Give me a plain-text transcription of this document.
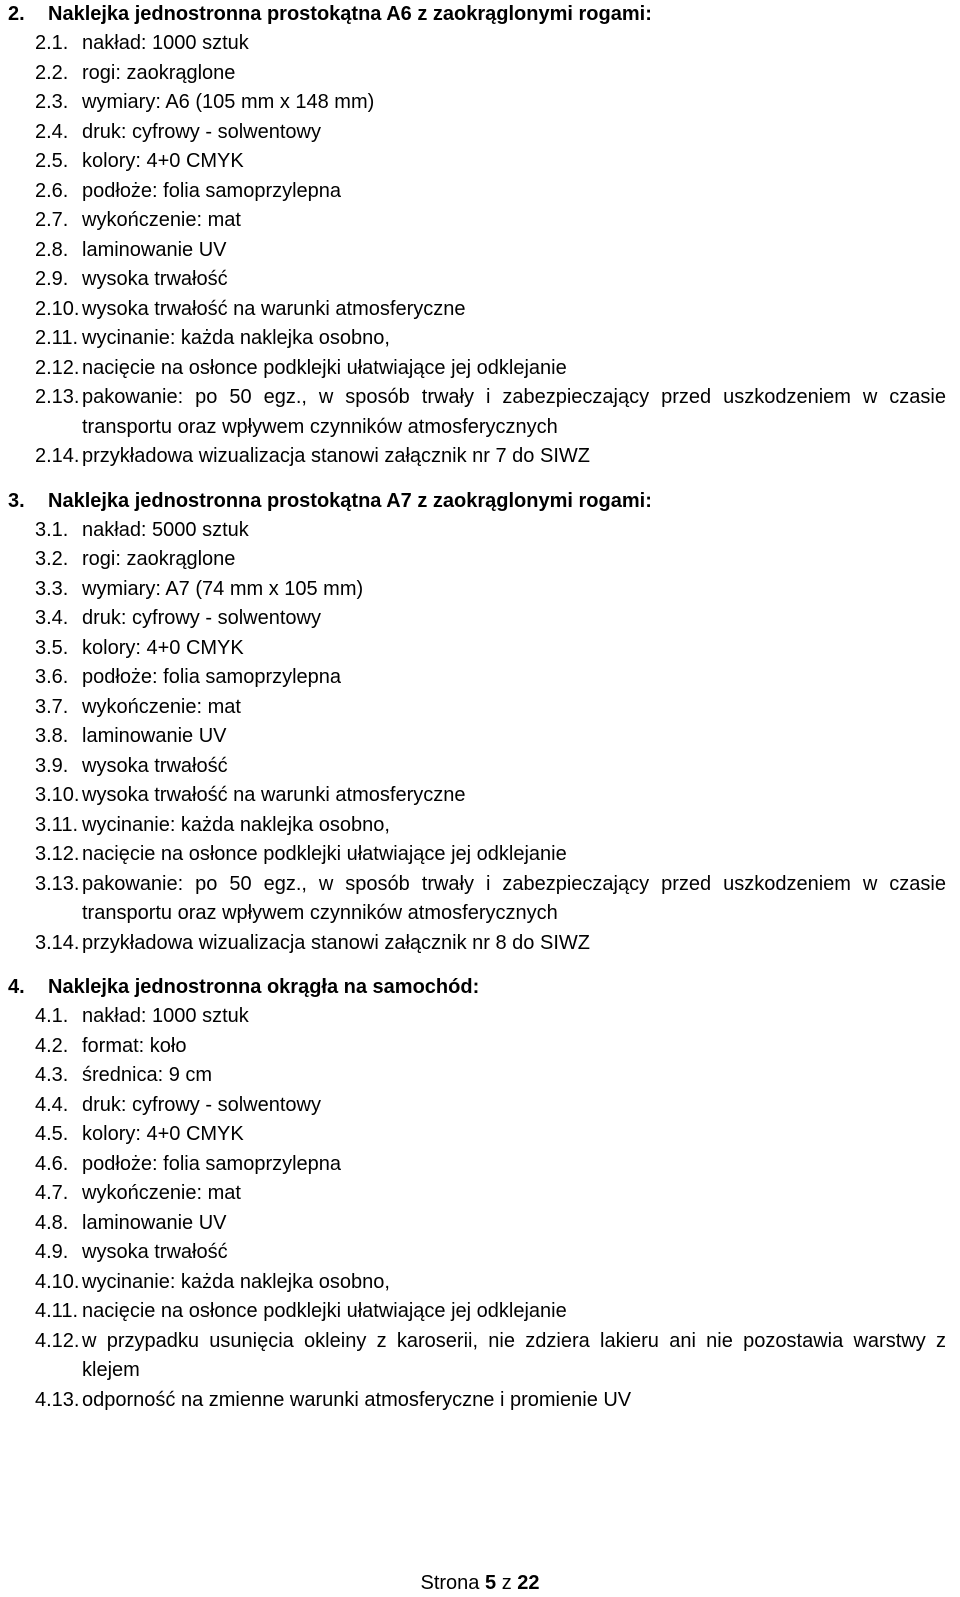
2. Naklejka jednostronna prostokątna A6 z zaokrąglonymi rogami:
2.1. nakład: 1000 sztuk
2.2. rogi: zaokrąglone
2.3. wymiary: A6 (105 mm x 148 mm)
2.4. druk: cyfrowy - solwentowy
2.5. kolory: 4+0 CMYK
2.6. podłoże: folia samoprzylepna
2.7. wykończenie: mat
2.8. laminowanie UV
2.9. wysoka trwałość
2.10. wysoka trwałość na warunki atmosferyczne
2.11. wycinanie: każda naklejka osobno,
2.12. nacięcie na osłonce podklejki ułatwiające jej odklejanie
2.13. pakowanie: po 50 egz., w sposób trwały i zabezpieczający przed uszkodzeniem w czasie transportu oraz wpływem czynników atmosferycznych
2.14. przykładowa wizualizacja stanowi załącznik nr 7 do SIWZ
3. Naklejka jednostronna prostokątna A7 z zaokrąglonymi rogami:
3.1. nakład: 5000 sztuk
3.2. rogi: zaokrąglone
3.3. wymiary: A7 (74 mm x 105 mm)
3.4. druk: cyfrowy - solwentowy
3.5. kolory: 4+0 CMYK
3.6. podłoże: folia samoprzylepna
3.7. wykończenie: mat
3.8. laminowanie UV
3.9. wysoka trwałość
3.10. wysoka trwałość na warunki atmosferyczne
3.11. wycinanie: każda naklejka osobno,
3.12. nacięcie na osłonce podklejki ułatwiające jej odklejanie
3.13. pakowanie: po 50 egz., w sposób trwały i zabezpieczający przed uszkodzeniem w czasie transportu oraz wpływem czynników atmosferycznych
3.14. przykładowa wizualizacja stanowi załącznik nr 8 do SIWZ
4. Naklejka jednostronna okrągła na samochód:
4.1. nakład: 1000 sztuk
4.2. format: koło
4.3. średnica: 9 cm
4.4. druk: cyfrowy - solwentowy
4.5. kolory: 4+0 CMYK
4.6. podłoże: folia samoprzylepna
4.7. wykończenie: mat
4.8. laminowanie UV
4.9. wysoka trwałość
4.10. wycinanie: każda naklejka osobno,
4.11. nacięcie na osłonce podklejki ułatwiające jej odklejanie
4.12. w przypadku usunięcia okleiny z karoserii, nie zdziera lakieru ani nie pozostawia warstwy z klejem
4.13. odporność na zmienne warunki atmosferyczne i promienie UV
Strona 5 z 22
